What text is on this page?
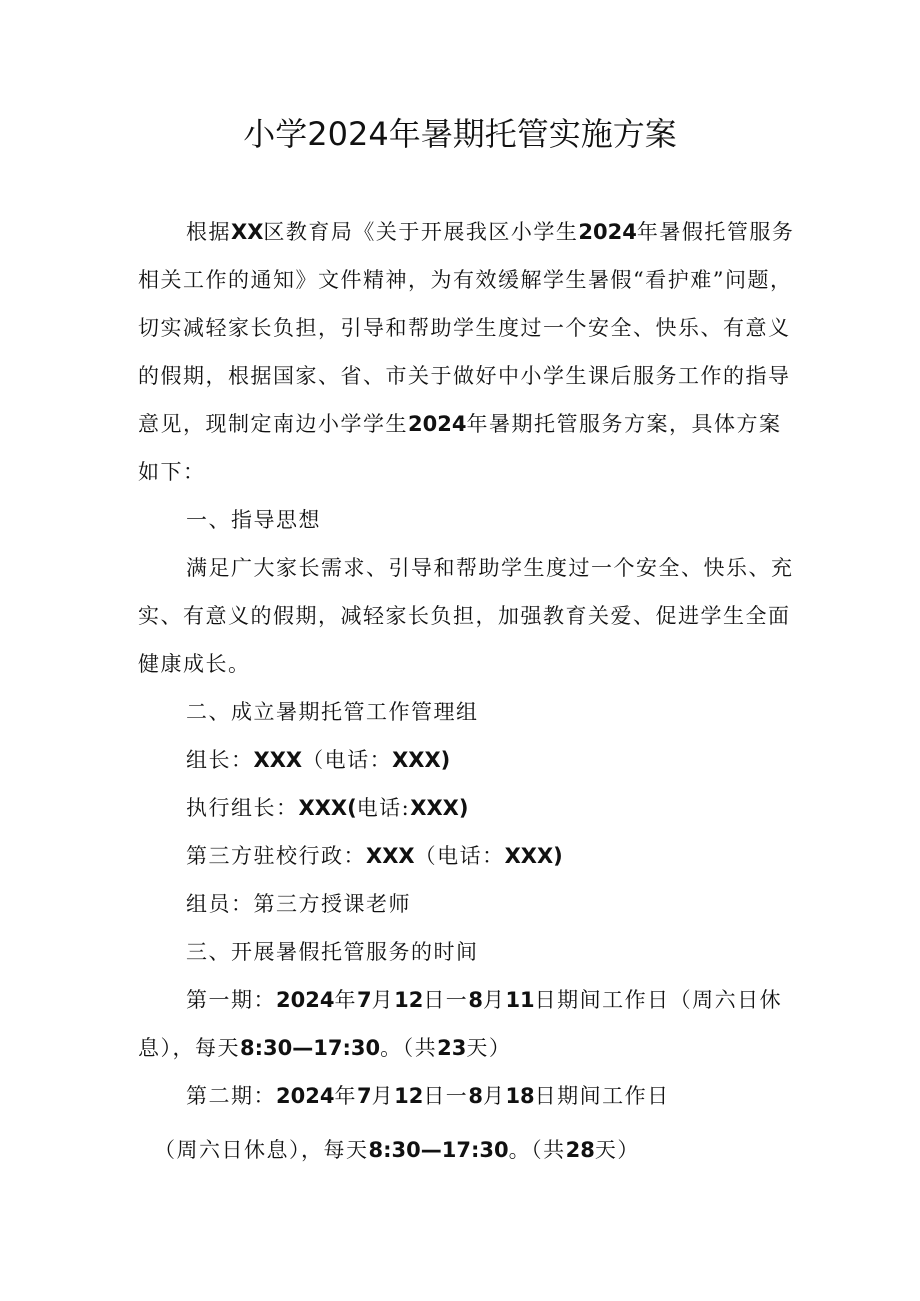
小学2024年暑期托管实施方案

根据XX区教育局《关于开展我区小学生2024年暑假托管服务相关工作的通知》文件精神，为有效缓解学生暑假“看护难”问题，切实减轻家长负担，引导和帮助学生度过一个安全、快乐、有意义的假期，根据国家、省、市关于做好中小学生课后服务工作的指导意见，现制定南边小学学生2024年暑期托管服务方案，具体方案如下：

一、指导思想

满足广大家长需求、引导和帮助学生度过一个安全、快乐、充实、有意义的假期，减轻家长负担，加强教育关爱、促进学生全面健康成长。

二、成立暑期托管工作管理组

组长：XXX（电话：XXX)

执行组长：XXX(电话:XXX)

第三方驻校行政：XXX（电话：XXX)

组员：第三方授课老师

三、开展暑假托管服务的时间

第一期：2024年7月12日一8月11日期间工作日（周六日休息），每天8:30—17:30。（共23天）

第二期：2024年7月12日一8月18日期间工作日

（周六日休息），每天8:30—17:30。（共28天）
